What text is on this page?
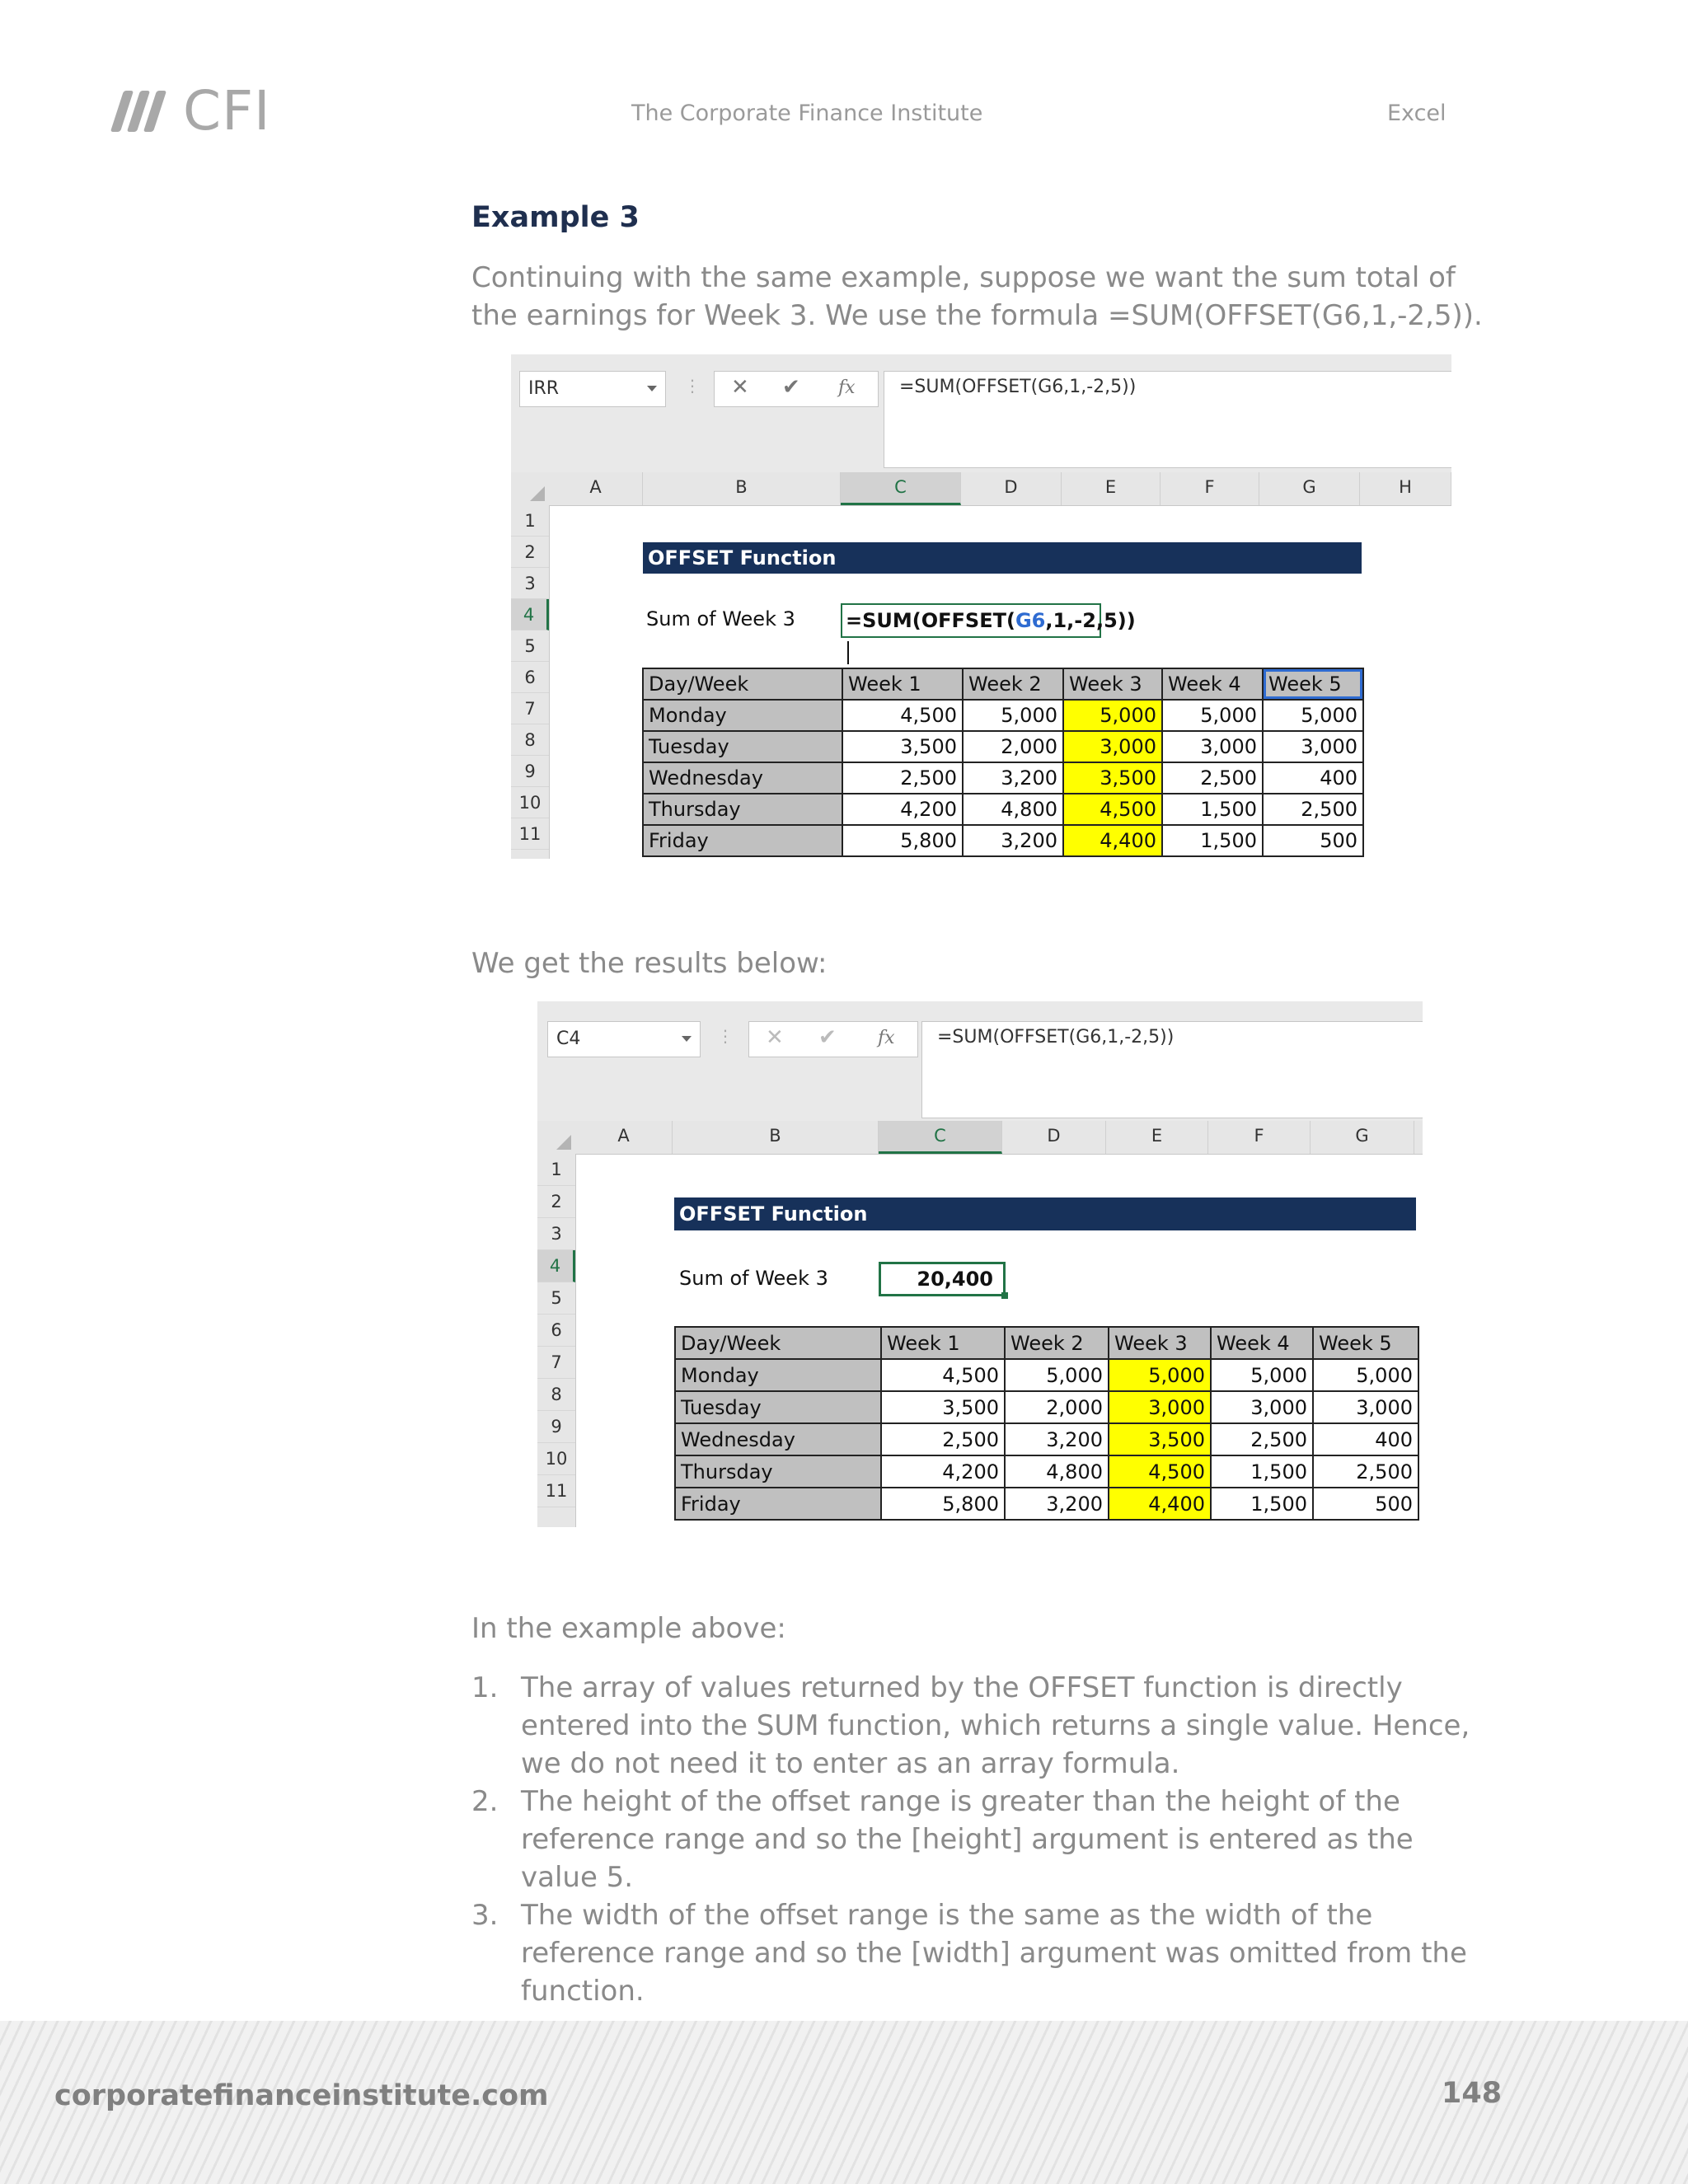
CFI	The Corporate Finance Institute	Excel
Example 3
Continuing with the same example, suppose we want the sum total of the earnings for Week 3. We use the formula =SUM(OFFSET(G6,1,-2,5)).
IRR	⋮ ✕ ✔ fx	=SUM(OFFSET(G6,1,-2,5))
A	B	C	D	E	F	G	H
1
2
3
4
5
6
7
8
9
10
11
OFFSET Function
Sum of Week 3	=SUM(OFFSET(G6,1,-2,5))
Day/Week	Week 1	Week 2	Week 3	Week 4	Week 5
Monday	4,500	5,000	5,000	5,000	5,000
Tuesday	3,500	2,000	3,000	3,000	3,000
Wednesday	2,500	3,200	3,500	2,500	400
Thursday	4,200	4,800	4,500	1,500	2,500
Friday	5,800	3,200	4,400	1,500	500
We get the results below:
C4	⋮ ✕ ✔ fx	=SUM(OFFSET(G6,1,-2,5))
A	B	C	D	E	F	G
1
2
3
4
5
6
7
8
9
10
11
OFFSET Function
Sum of Week 3	20,400
Day/Week	Week 1	Week 2	Week 3	Week 4	Week 5
Monday	4,500	5,000	5,000	5,000	5,000
Tuesday	3,500	2,000	3,000	3,000	3,000
Wednesday	2,500	3,200	3,500	2,500	400
Thursday	4,200	4,800	4,500	1,500	2,500
Friday	5,800	3,200	4,400	1,500	500
In the example above:
1. The array of values returned by the OFFSET function is directly entered into the SUM function, which returns a single value. Hence, we do not need it to enter as an array formula.
2. The height of the offset range is greater than the height of the reference range and so the [height] argument is entered as the value 5.
3. The width of the offset range is the same as the width of the reference range and so the [width] argument was omitted from the function.
corporatefinanceinstitute.com	148
